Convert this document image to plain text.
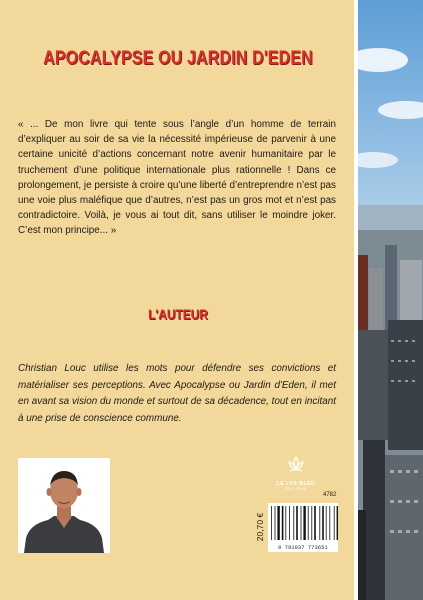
APOCALYPSE OU JARDIN D'EDEN

« ... De mon livre qui tente sous l’angle d’un homme de terrain d’expliquer au soir de sa vie la nécessité impérieuse de parvenir à une certaine unicité d’actions concernant notre avenir humanitaire par le truchement d’une politique internationale plus rationnelle ! Dans ce prolongement, je persiste à croire qu’une liberté d’entreprendre n’est pas une voie plus maléfique que d’autres, n’est pas un gros mot et n’est pas contradictoire. Voilà, je vous ai tout dit, sans utiliser le moindre joker. C’est mon principe... »

L'AUTEUR

Christian Louc utilise les mots pour défendre ses convictions et matérialiser ses perceptions. Avec Apocalypse ou Jardin d'Eden, il met en avant sa vision du monde et surtout de sa décadence, tout en incitant à une prise de conscience commune.

LE LYS BLEU
ÉDITIONS
4782
20,70 €
9 791037 773651
